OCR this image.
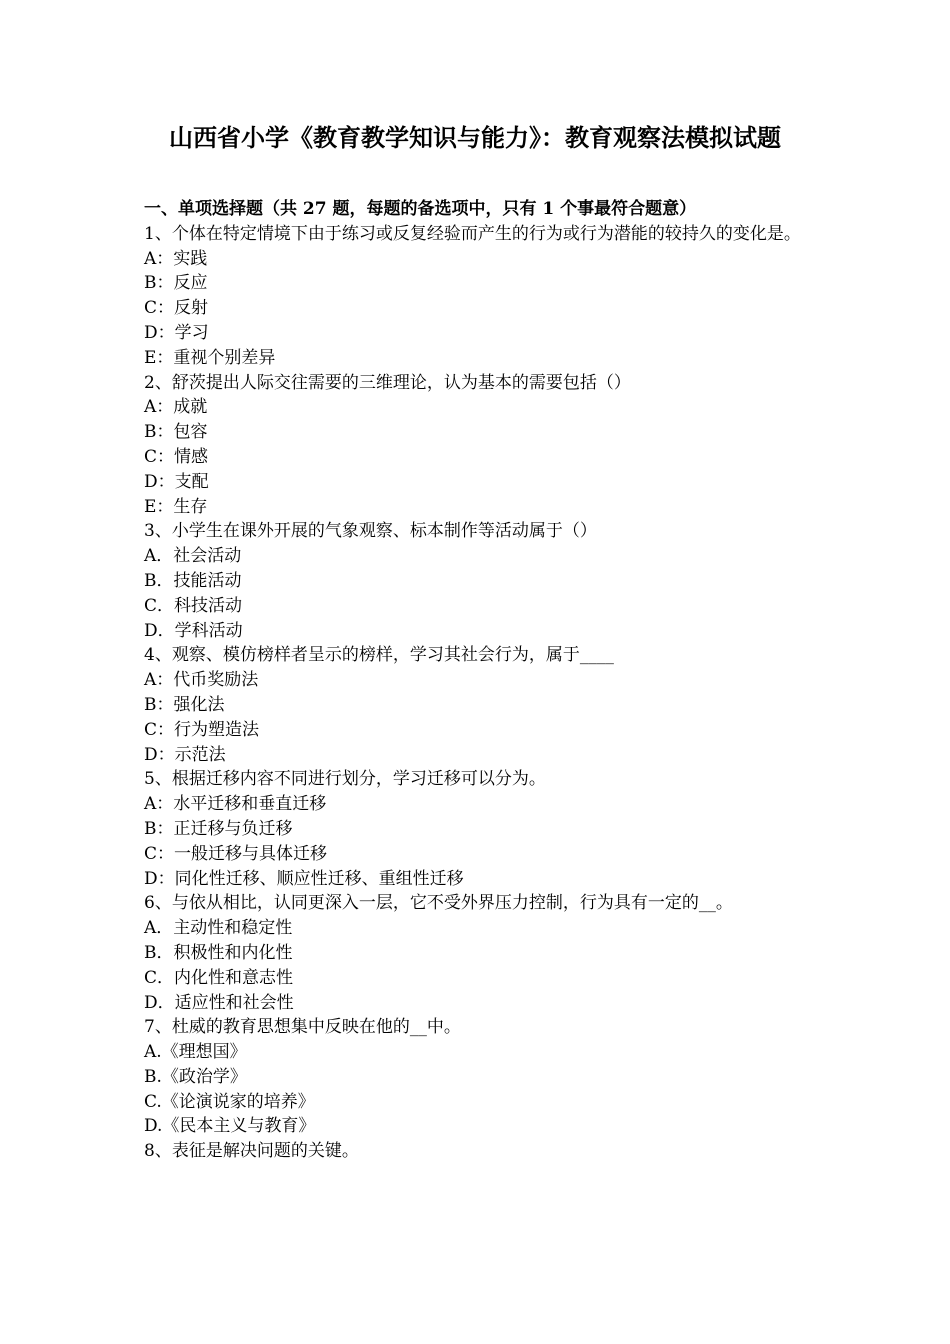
山西省小学《教育教学知识与能力》：教育观察法模拟试题
一、单项选择题（共 27 题，每题的备选项中，只有 1 个事最符合题意）
1、个体在特定情境下由于练习或反复经验而产生的行为或行为潜能的较持久的变化是。
A：实践
B：反应
C：反射
D：学习
E：重视个别差异
2、舒茨提出人际交往需要的三维理论，认为基本的需要包括（）
A：成就
B：包容
C：情感
D：支配
E：生存
3、小学生在课外开展的气象观察、标本制作等活动属于（）
A．社会活动
B．技能活动
C．科技活动
D．学科活动
4、观察、模仿榜样者呈示的榜样，学习其社会行为，属于____
A：代币奖励法
B：强化法
C：行为塑造法
D：示范法
5、根据迁移内容不同进行划分，学习迁移可以分为。
A：水平迁移和垂直迁移
B：正迁移与负迁移
C：一般迁移与具体迁移
D：同化性迁移、顺应性迁移、重组性迁移
6、与依从相比，认同更深入一层，它不受外界压力控制，行为具有一定的__。
A．主动性和稳定性
B．积极性和内化性
C．内化性和意志性
D．适应性和社会性
7、杜威的教育思想集中反映在他的__中。
A.《理想国》
B.《政治学》
C.《论演说家的培养》
D.《民本主义与教育》
8、表征是解决问题的关键。
